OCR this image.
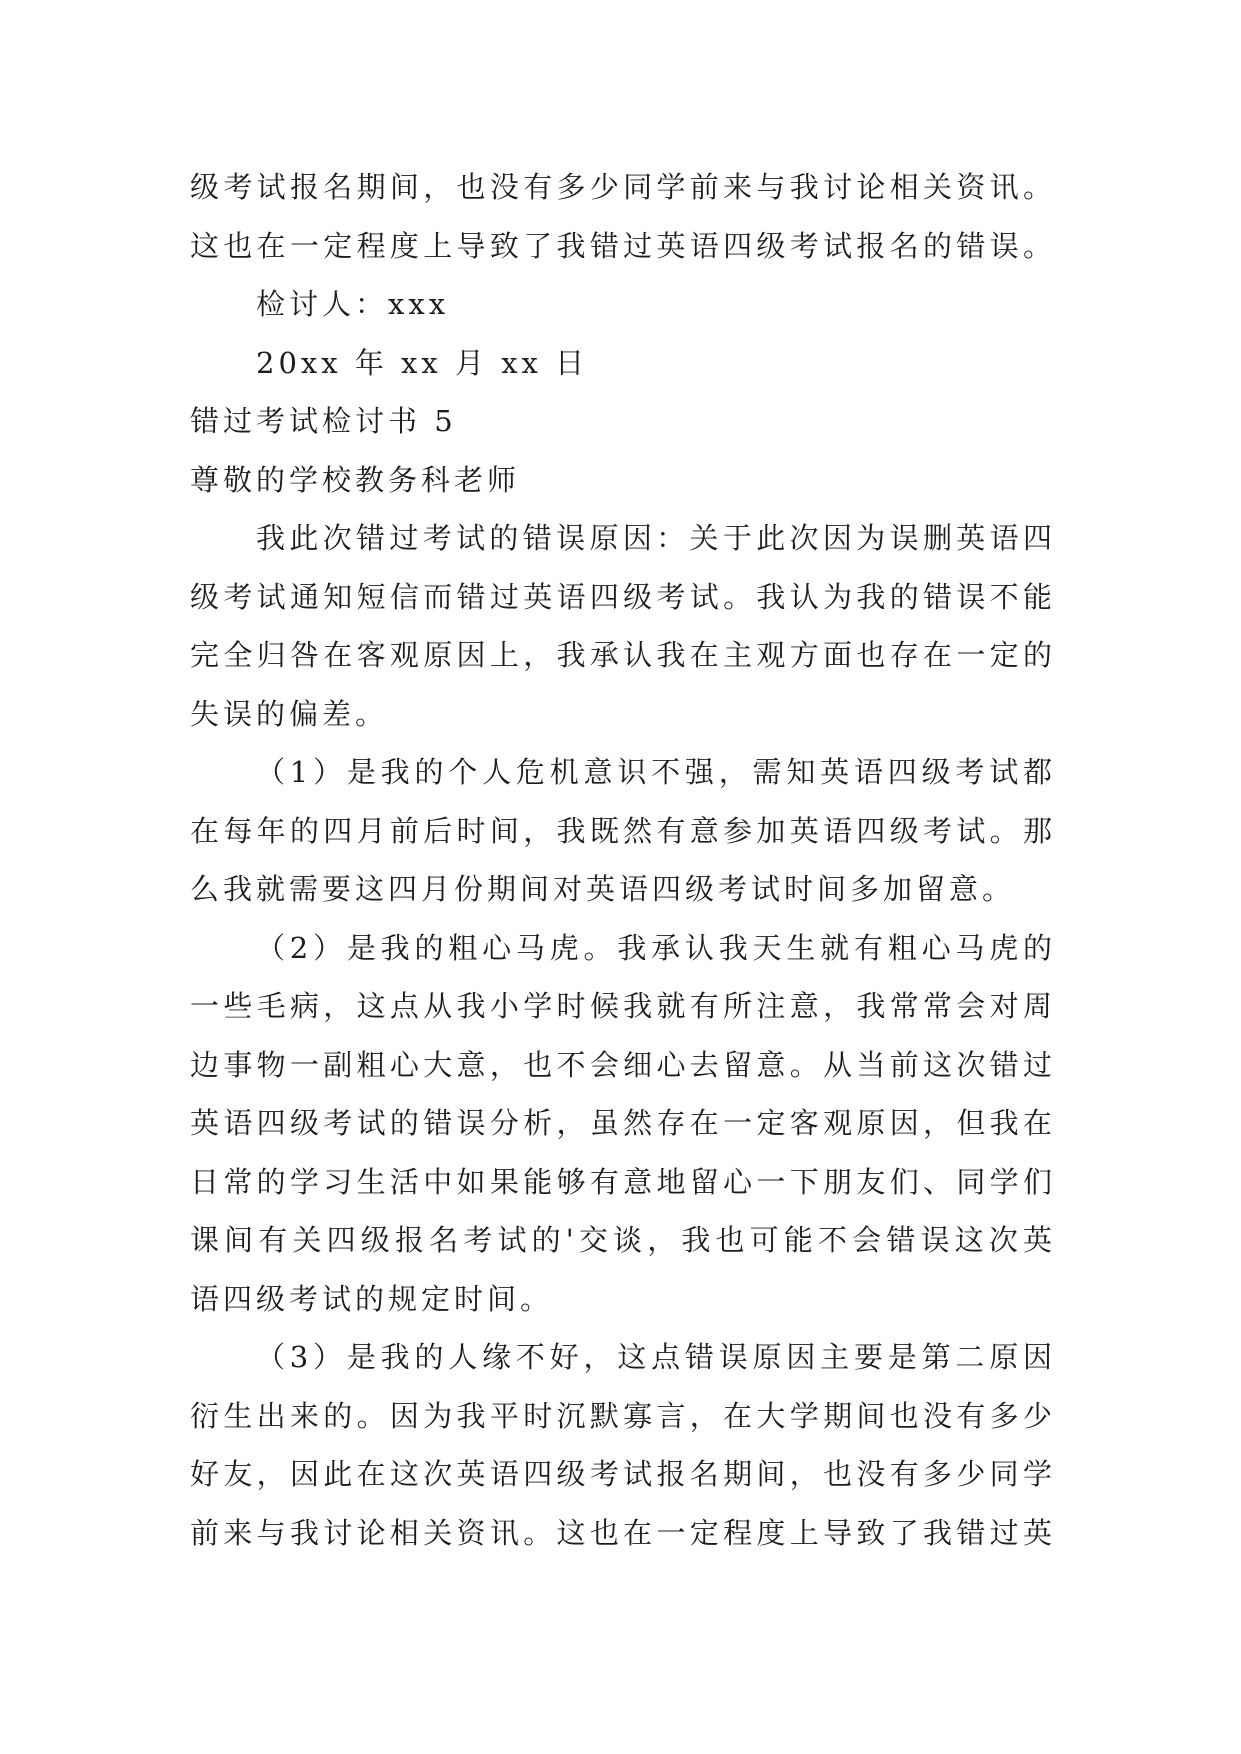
级考试报名期间，也没有多少同学前来与我讨论相关资讯。
这也在一定程度上导致了我错过英语四级考试报名的错误。
检讨人：xxx
20xx 年 xx 月 xx 日
错过考试检讨书 5
尊敬的学校教务科老师
我此次错过考试的错误原因：关于此次因为误删英语四
级考试通知短信而错过英语四级考试。我认为我的错误不能
完全归咎在客观原因上，我承认我在主观方面也存在一定的
失误的偏差。
（1）是我的个人危机意识不强，需知英语四级考试都
在每年的四月前后时间，我既然有意参加英语四级考试。那
么我就需要这四月份期间对英语四级考试时间多加留意。
（2）是我的粗心马虎。我承认我天生就有粗心马虎的
一些毛病，这点从我小学时候我就有所注意，我常常会对周
边事物一副粗心大意，也不会细心去留意。从当前这次错过
英语四级考试的错误分析，虽然存在一定客观原因，但我在
日常的学习生活中如果能够有意地留心一下朋友们、同学们
课间有关四级报名考试的'交谈，我也可能不会错误这次英
语四级考试的规定时间。
（3）是我的人缘不好，这点错误原因主要是第二原因
衍生出来的。因为我平时沉默寡言，在大学期间也没有多少
好友，因此在这次英语四级考试报名期间，也没有多少同学
前来与我讨论相关资讯。这也在一定程度上导致了我错过英
